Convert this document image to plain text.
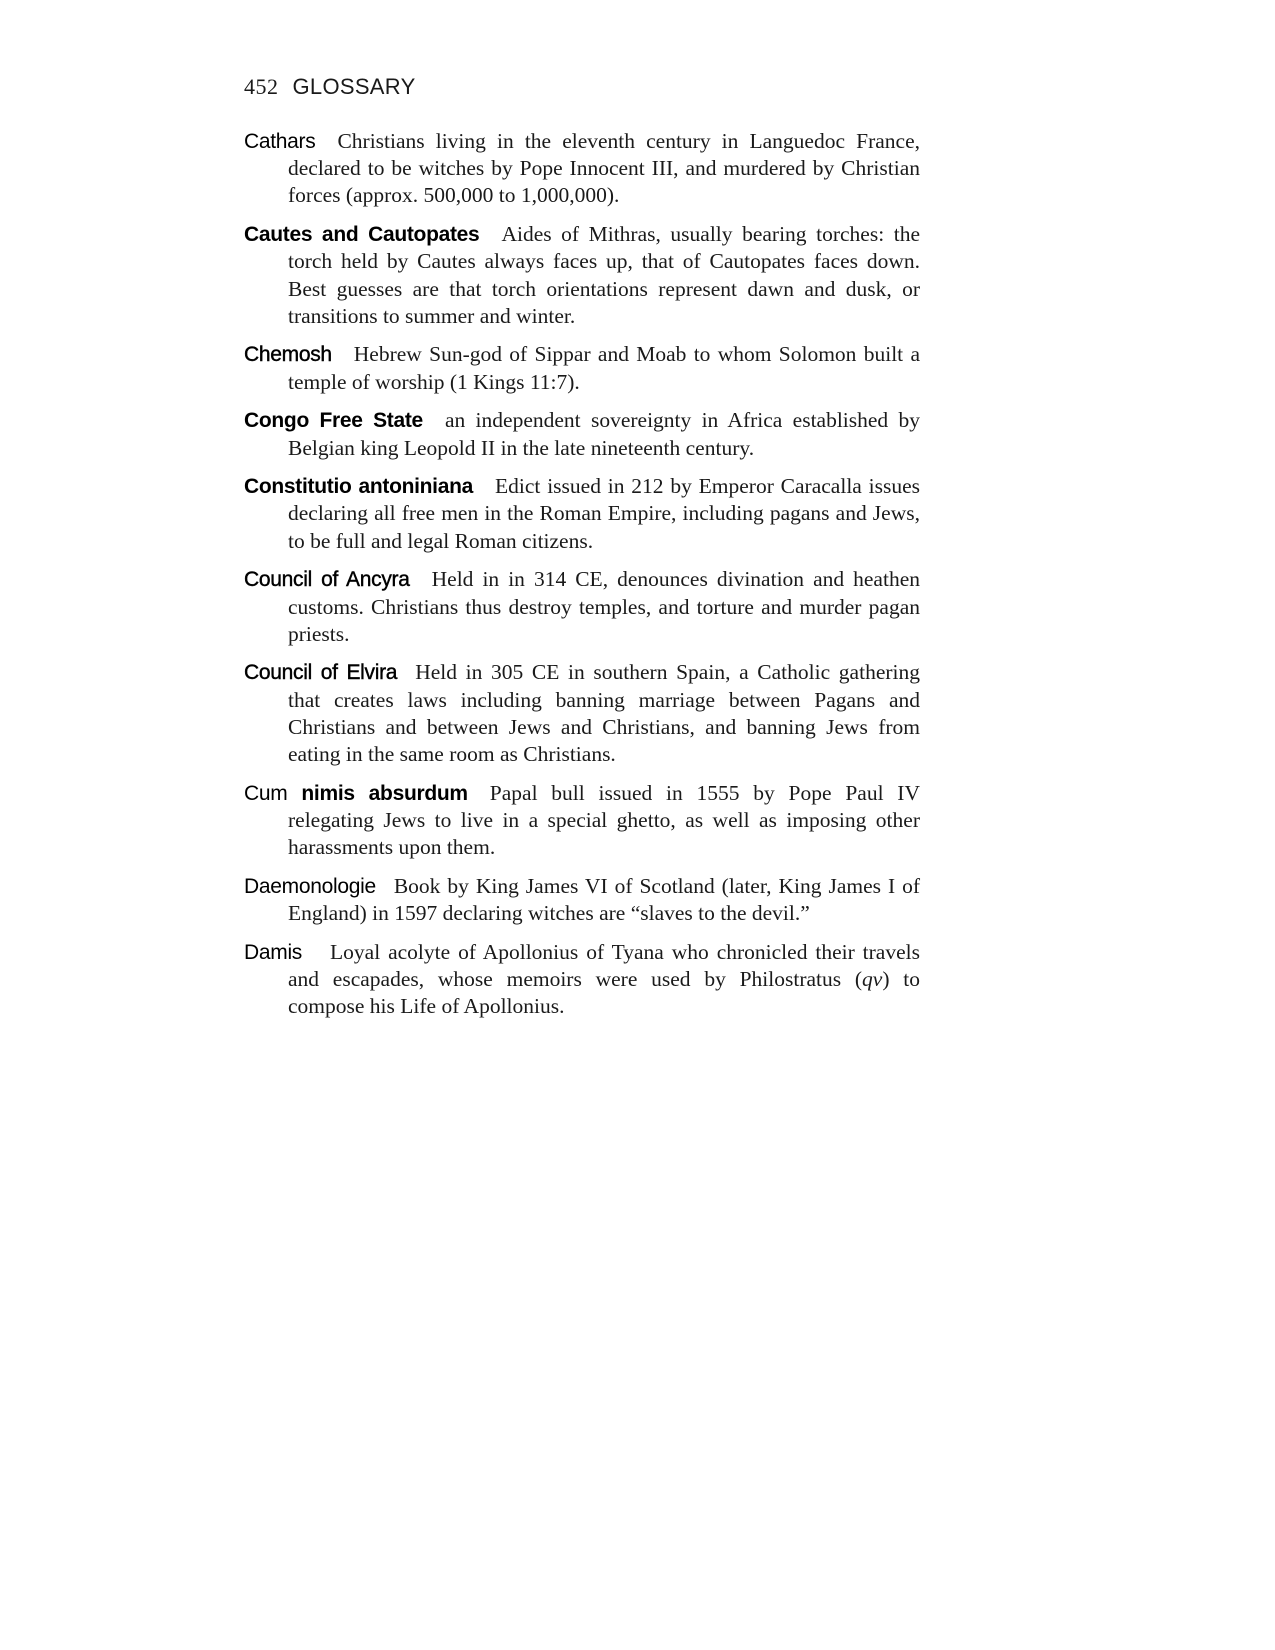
452 GLOSSARY

Cathars Christians living in the eleventh century in Languedoc France, declared to be witches by Pope Innocent III, and murdered by Christian forces (approx. 500,000 to 1,000,000).

Cautes and Cautopates Aides of Mithras, usually bearing torches: the torch held by Cautes always faces up, that of Cautopates faces down. Best guesses are that torch orientations represent dawn and dusk, or transitions to summer and winter.

Chemosh Hebrew Sun-god of Sippar and Moab to whom Solomon built a temple of worship (1 Kings 11:7).

Congo Free State an independent sovereignty in Africa established by Belgian king Leopold II in the late nineteenth century.

Constitutio antoniniana Edict issued in 212 by Emperor Caracalla issues declaring all free men in the Roman Empire, including pagans and Jews, to be full and legal Roman citizens.

Council of Ancyra Held in in 314 CE, denounces divination and heathen customs. Christians thus destroy temples, and torture and murder pagan priests.

Council of Elvira Held in 305 CE in southern Spain, a Catholic gathering that creates laws including banning marriage between Pagans and Christians and between Jews and Christians, and banning Jews from eating in the same room as Christians.

Cum nimis absurdum Papal bull issued in 1555 by Pope Paul IV relegating Jews to live in a special ghetto, as well as imposing other harassments upon them.

Daemonologie Book by King James VI of Scotland (later, King James I of England) in 1597 declaring witches are “slaves to the devil.”

Damis Loyal acolyte of Apollonius of Tyana who chronicled their travels and escapades, whose memoirs were used by Philostratus (qv) to compose his Life of Apollonius.
